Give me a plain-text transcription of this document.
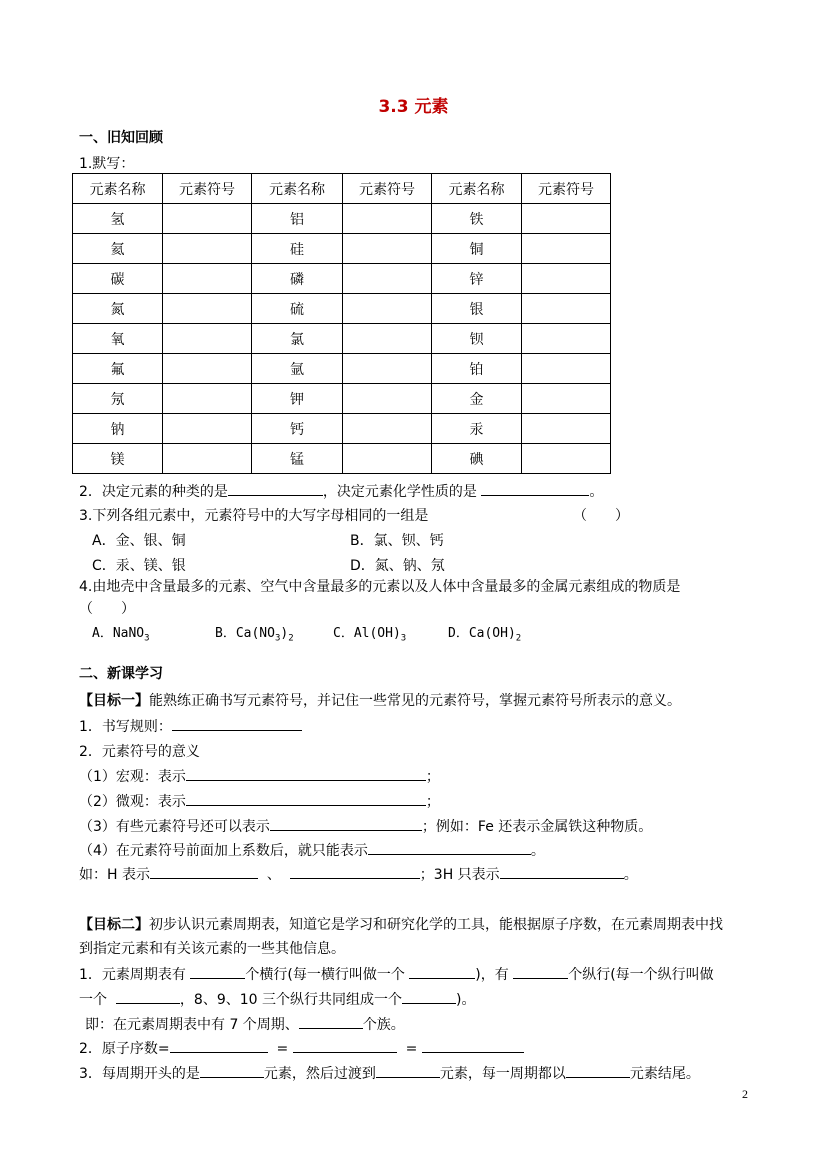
3.3 元素
一、旧知回顾
1.默写：
元素名称	元素符号	元素名称	元素符号	元素名称	元素符号
氢		铝		铁	
氦		硅		铜	
碳		磷		锌	
氮		硫		银	
氧		氯		钡	
氟		氩		铂	
氖		钾		金	
钠		钙		汞	
镁		锰		碘	
2．决定元素的种类的是	，决定元素化学性质的是	。
3.下列各组元素中，元素符号中的大写字母相同的一组是	（　　）
A．金、银、铜	B．氯、钡、钙
C．汞、镁、银	D．氮、钠、氖
4.由地壳中含量最多的元素、空气中含量最多的元素以及人体中含量最多的金属元素组成的物质是
（　　）
A．NaNO$_3$	B．$Ca(NO_3)_2$	C．$Al(OH)_3$	D．$Ca(OH)_2$
二、新课学习
【目标一】能熟练正确书写元素符号，并记住一些常见的元素符号，掌握元素符号所表示的意义。
1．书写规则：
2．元素符号的意义
（1）宏观：表示	；
（2）微观：表示	；
（3）有些元素符号还可以表示	；例如：Fe 还表示金属铁这种物质。
（4）在元素符号前面加上系数后，就只能表示	。
如：H 表示	、	；3H 只表示	。
【目标二】初步认识元素周期表，知道它是学习和研究化学的工具，能根据原子序数，在元素周期表中找
到指定元素和有关该元素的一些其他信息。
1．元素周期表有	个横行(每一横行叫做一个	)，有	个纵行(每一个纵行叫做
一个	，8、9、10 三个纵行共同组成一个	)。
即：在元素周期表中有 7 个周期、	个族。
2．原子序数=	=	=
3．每周期开头的是	元素，然后过渡到	元素，每一周期都以	元素结尾。
2
